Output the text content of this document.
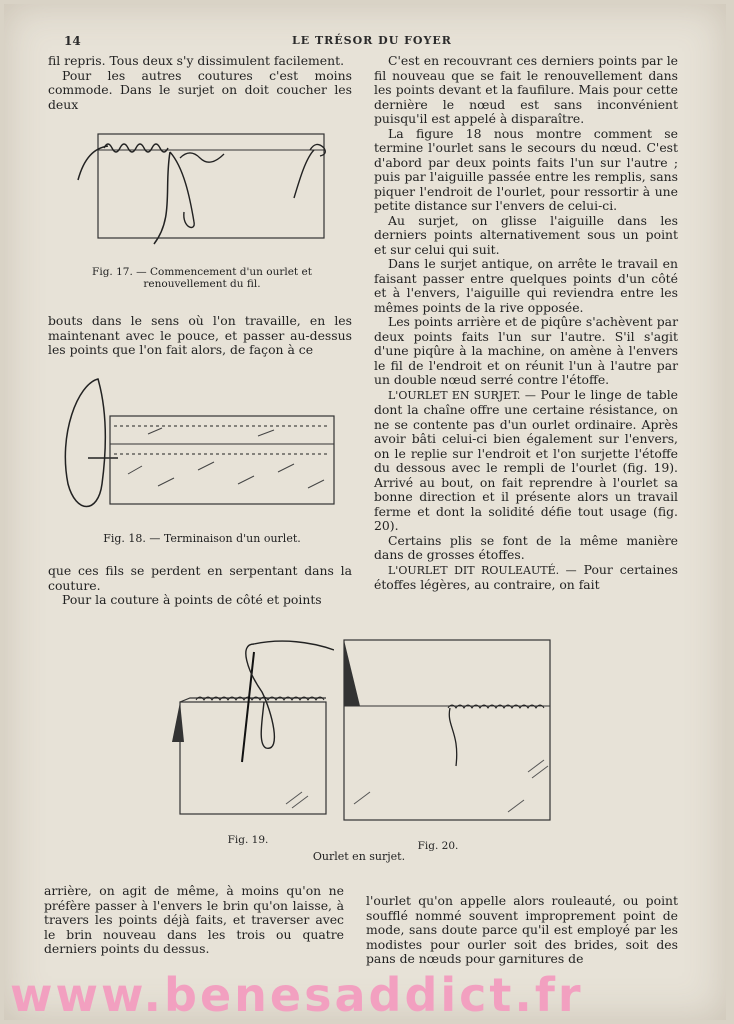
14	LE TRÉSOR DU FOYER

fil repris. Tous deux s'y dissimulent facilement.

Pour les autres coutures c'est moins commode. Dans le surjet on doit coucher les deux

Fig. 17. — Commencement d'un ourlet et renouvellement du fil.

bouts dans le sens où l'on travaille, en les maintenant avec le pouce, et passer au-dessus les points que l'on fait alors, de façon à ce

Fig. 18. — Terminaison d'un ourlet.

que ces fils se perdent en serpentant dans la couture.

Pour la couture à points de côté et points

C'est en recouvrant ces derniers points par le fil nouveau que se fait le renouvellement dans les points devant et la faufilure. Mais pour cette dernière le nœud est sans inconvénient puisqu'il est appelé à disparaître.

La figure 18 nous montre comment se termine l'ourlet sans le secours du nœud. C'est d'abord par deux points faits l'un sur l'autre ; puis par l'aiguille passée entre les remplis, sans piquer l'endroit de l'ourlet, pour ressortir à une petite distance sur l'envers de celui-ci.

Au surjet, on glisse l'aiguille dans les derniers points alternativement sous un point et sur celui qui suit.

Dans le surjet antique, on arrête le travail en faisant passer entre quelques points d'un côté et à l'envers, l'aiguille qui reviendra entre les mêmes points de la rive opposée.

Les points arrière et de piqûre s'achèvent par deux points faits l'un sur l'autre. S'il s'agit d'une piqûre à la machine, on amène à l'envers le fil de l'endroit et on réunit l'un à l'autre par un double nœud serré contre l'étoffe.

L'OURLET EN SURJET. — Pour le linge de table dont la chaîne offre une certaine résistance, on ne se contente pas d'un ourlet ordinaire. Après avoir bâti celui-ci bien également sur l'envers, on le replie sur l'endroit et l'on surjette l'étoffe du dessous avec le rempli de l'ourlet (fig. 19). Arrivé au bout, on fait reprendre à l'ourlet sa bonne direction et il présente alors un travail ferme et dont la solidité défie tout usage (fig. 20).

Certains plis se font de la même manière dans de grosses étoffes.

L'OURLET DIT ROULEAUTÉ. — Pour certaines étoffes légères, au contraire, on fait

Fig. 19.	Fig. 20.
Ourlet en surjet.

arrière, on agit de même, à moins qu'on ne préfère passer à l'envers le brin qu'on laisse, à travers les points déjà faits, et traverser avec le brin nouveau dans les trois ou quatre derniers points du dessus.

l'ourlet qu'on appelle alors rouleauté, ou point soufflé nommé souvent improprement point de mode, sans doute parce qu'il est employé par les modistes pour ourler soit des brides, soit des pans de nœuds pour garnitures de

www.benesaddict.fr
